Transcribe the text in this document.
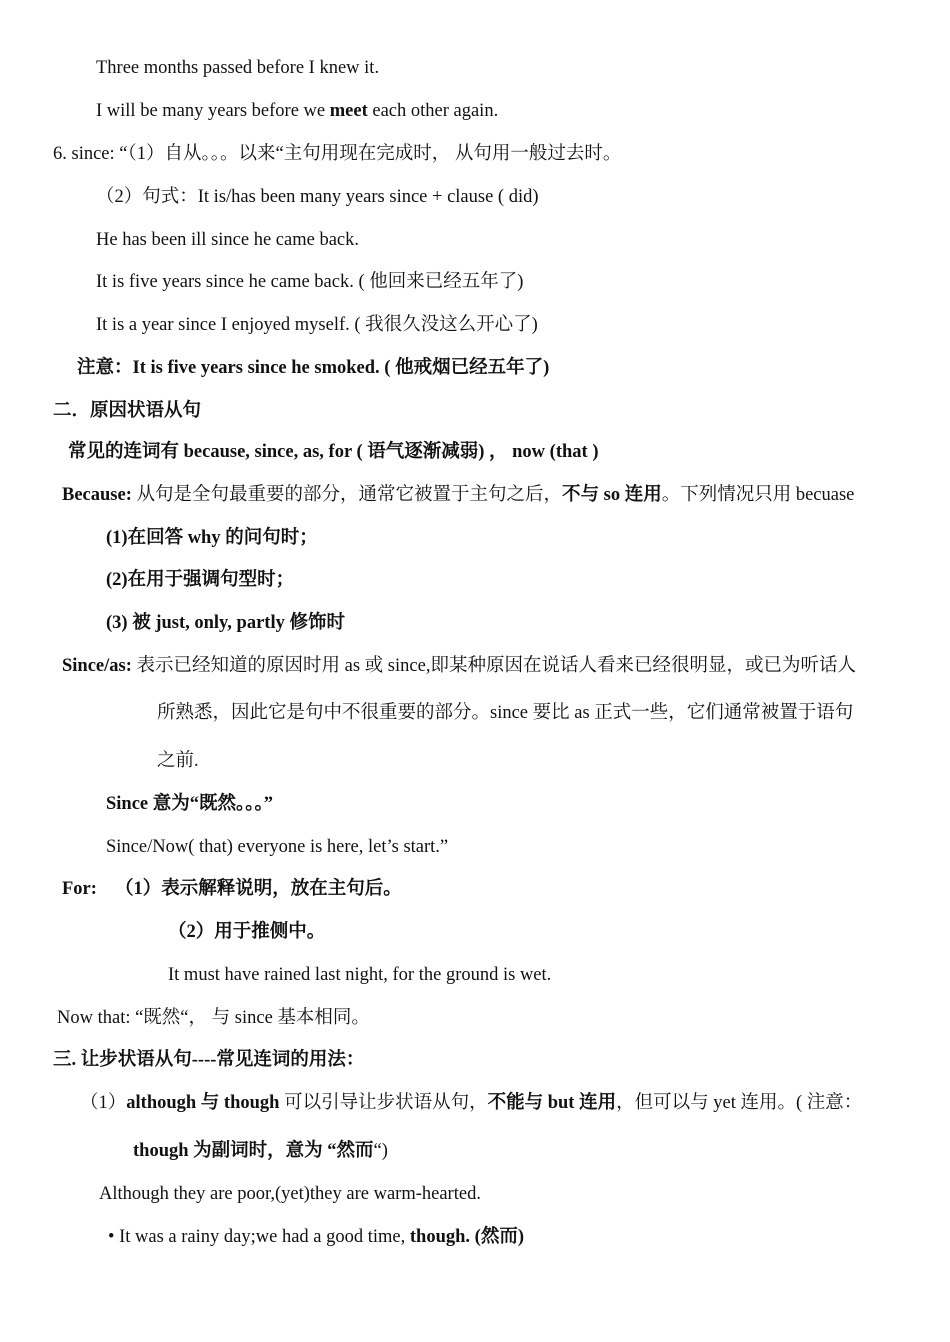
Three months passed before I knew it.
I will be many years before we meet each other again.
6. since: “（1）自从。。。以来“主句用现在完成时， 从句用一般过去时。
（2）句式：It is/has been many years since + clause ( did)
He has been ill since he came back.
It is five years since he came back. ( 他回来已经五年了)
It is a year since I enjoyed myself. ( 我很久没这么开心了)
注意：It is five years since he smoked. ( 他戒烟已经五年了)
二．原因状语从句
常见的连词有 because, since, as, for ( 语气逐渐减弱) ， now (that )
Because: 从句是全句最重要的部分，通常它被置于主句之后，不与 so 连用。下列情况只用 becuase
(1)在回答 why 的问句时；
(2)在用于强调句型时；
(3) 被 just, only, partly 修饰时
Since/as: 表示已经知道的原因时用 as 或 since,即某种原因在说话人看来已经很明显，或已为听话人
所熟悉，因此它是句中不很重要的部分。since 要比 as 正式一些，它们通常被置于语句
之前.
Since 意为“既然。。。”
Since/Now( that) everyone is here, let’s start.”
For: （1）表示解释说明，放在主句后。
（2）用于推侧中。
It must have rained last night, for the ground is wet.
Now that: “既然“， 与 since 基本相同。
三. 让步状语从句----常见连词的用法：
（1）although 与 though 可以引导让步状语从句，不能与 but 连用，但可以与 yet 连用。( 注意：
though 为副词时，意为 “然而“)
Although they are poor,(yet)they are warm-hearted.
• It was a rainy day;we had a good time, though. (然而)
